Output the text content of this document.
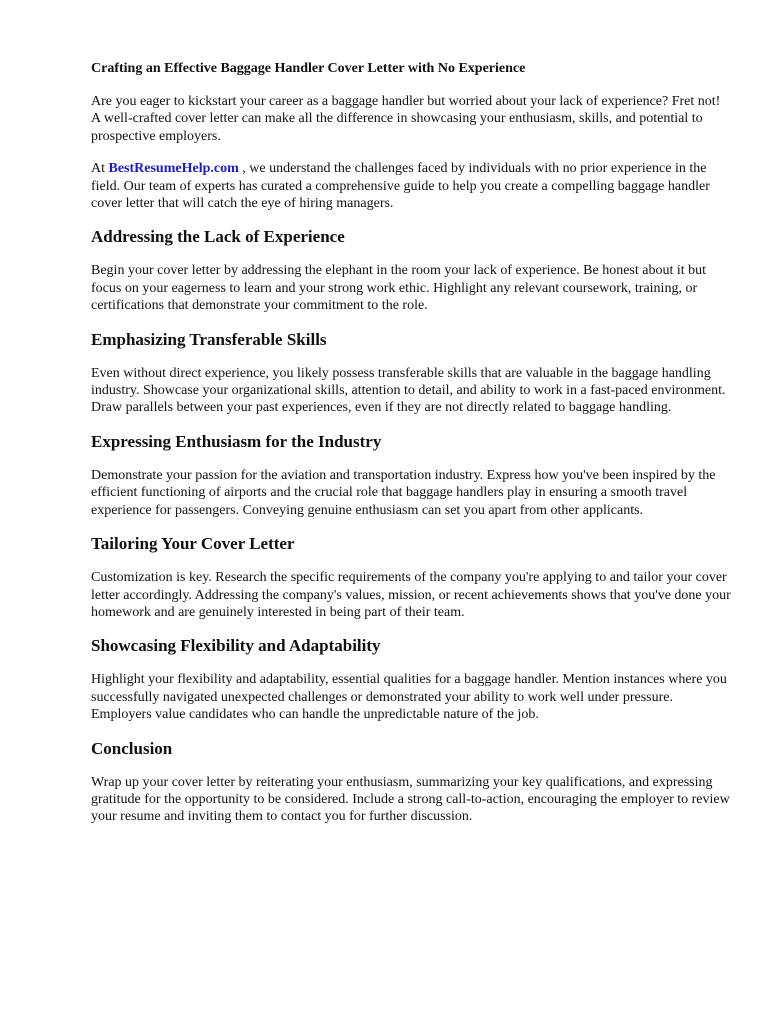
Crafting an Effective Baggage Handler Cover Letter with No Experience

Are you eager to kickstart your career as a baggage handler but worried about your lack of experience? Fret not! A well-crafted cover letter can make all the difference in showcasing your enthusiasm, skills, and potential to prospective employers.

At BestResumeHelp.com , we understand the challenges faced by individuals with no prior experience in the field. Our team of experts has curated a comprehensive guide to help you create a compelling baggage handler cover letter that will catch the eye of hiring managers.

Addressing the Lack of Experience

Begin your cover letter by addressing the elephant in the room your lack of experience. Be honest about it but focus on your eagerness to learn and your strong work ethic. Highlight any relevant coursework, training, or certifications that demonstrate your commitment to the role.

Emphasizing Transferable Skills

Even without direct experience, you likely possess transferable skills that are valuable in the baggage handling industry. Showcase your organizational skills, attention to detail, and ability to work in a fast-paced environment. Draw parallels between your past experiences, even if they are not directly related to baggage handling.

Expressing Enthusiasm for the Industry

Demonstrate your passion for the aviation and transportation industry. Express how you've been inspired by the efficient functioning of airports and the crucial role that baggage handlers play in ensuring a smooth travel experience for passengers. Conveying genuine enthusiasm can set you apart from other applicants.

Tailoring Your Cover Letter

Customization is key. Research the specific requirements of the company you're applying to and tailor your cover letter accordingly. Addressing the company's values, mission, or recent achievements shows that you've done your homework and are genuinely interested in being part of their team.

Showcasing Flexibility and Adaptability

Highlight your flexibility and adaptability, essential qualities for a baggage handler. Mention instances where you successfully navigated unexpected challenges or demonstrated your ability to work well under pressure. Employers value candidates who can handle the unpredictable nature of the job.

Conclusion

Wrap up your cover letter by reiterating your enthusiasm, summarizing your key qualifications, and expressing gratitude for the opportunity to be considered. Include a strong call-to-action, encouraging the employer to review your resume and inviting them to contact you for further discussion.
